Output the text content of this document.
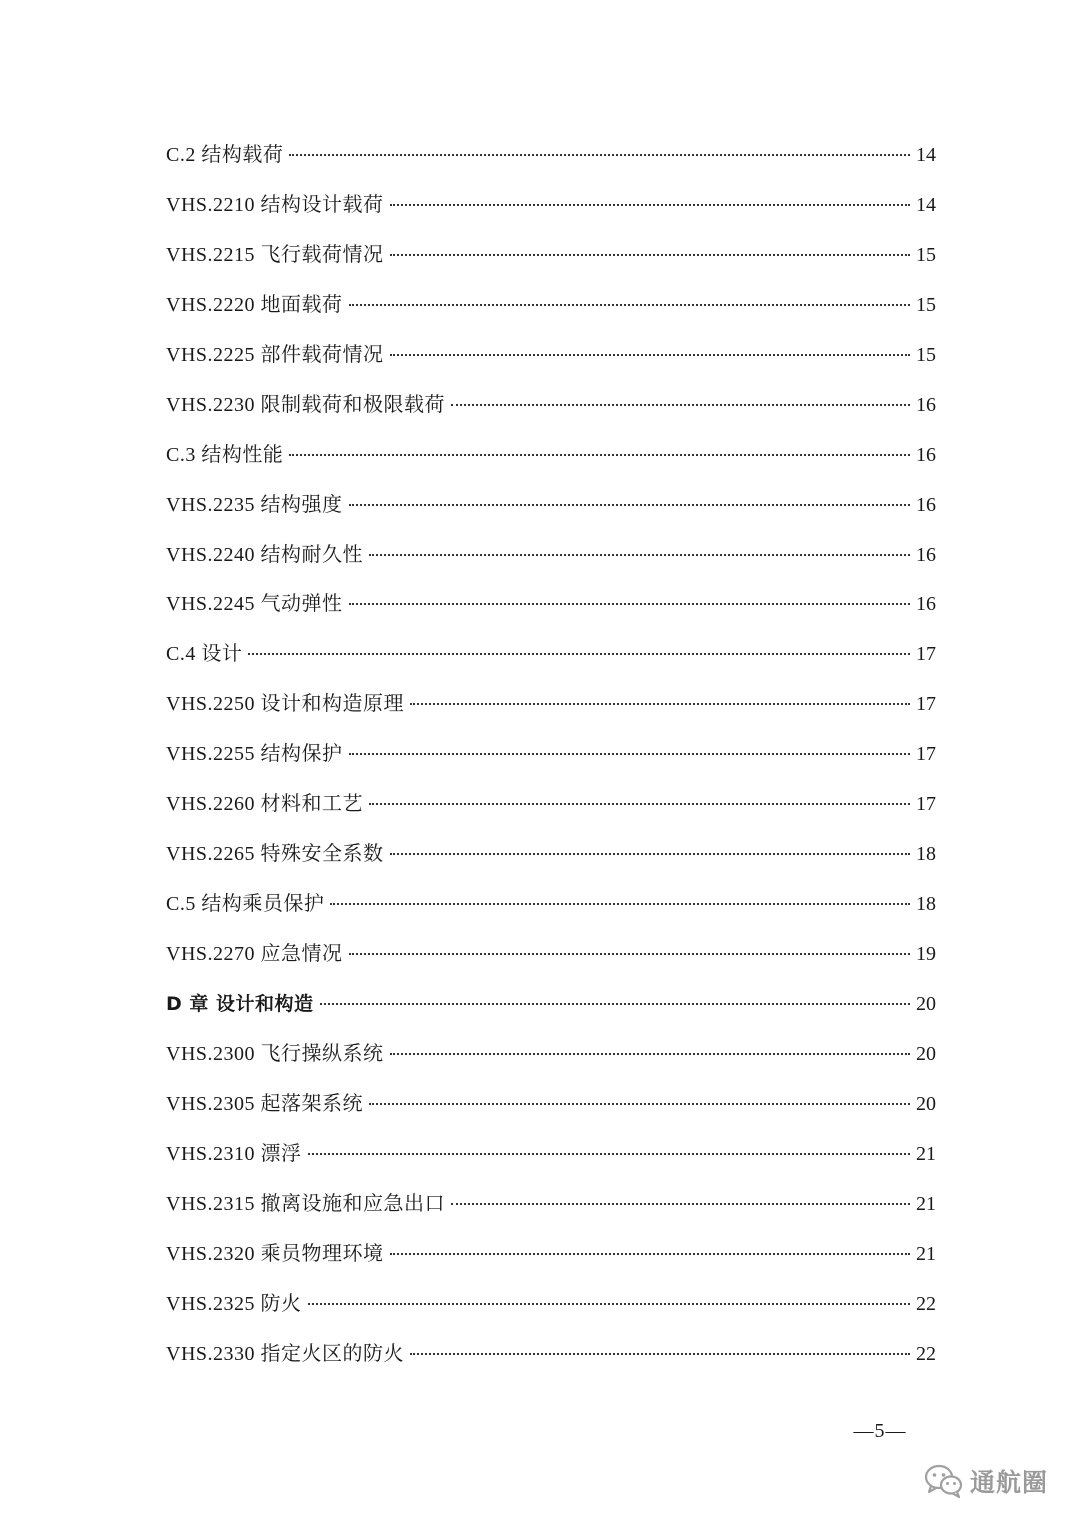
C.2 结构载荷	14
VHS.2210 结构设计载荷	14
VHS.2215 飞行载荷情况	15
VHS.2220 地面载荷	15
VHS.2225 部件载荷情况	15
VHS.2230 限制载荷和极限载荷	16
C.3 结构性能	16
VHS.2235 结构强度	16
VHS.2240 结构耐久性	16
VHS.2245 气动弹性	16
C.4 设计	17
VHS.2250 设计和构造原理	17
VHS.2255 结构保护	17
VHS.2260 材料和工艺	17
VHS.2265 特殊安全系数	18
C.5 结构乘员保护	18
VHS.2270 应急情况	19
D 章 设计和构造	20
VHS.2300 飞行操纵系统	20
VHS.2305 起落架系统	20
VHS.2310 漂浮	21
VHS.2315 撤离设施和应急出口	21
VHS.2320 乘员物理环境	21
VHS.2325 防火	22
VHS.2330 指定火区的防火	22
—5—
通航圈
